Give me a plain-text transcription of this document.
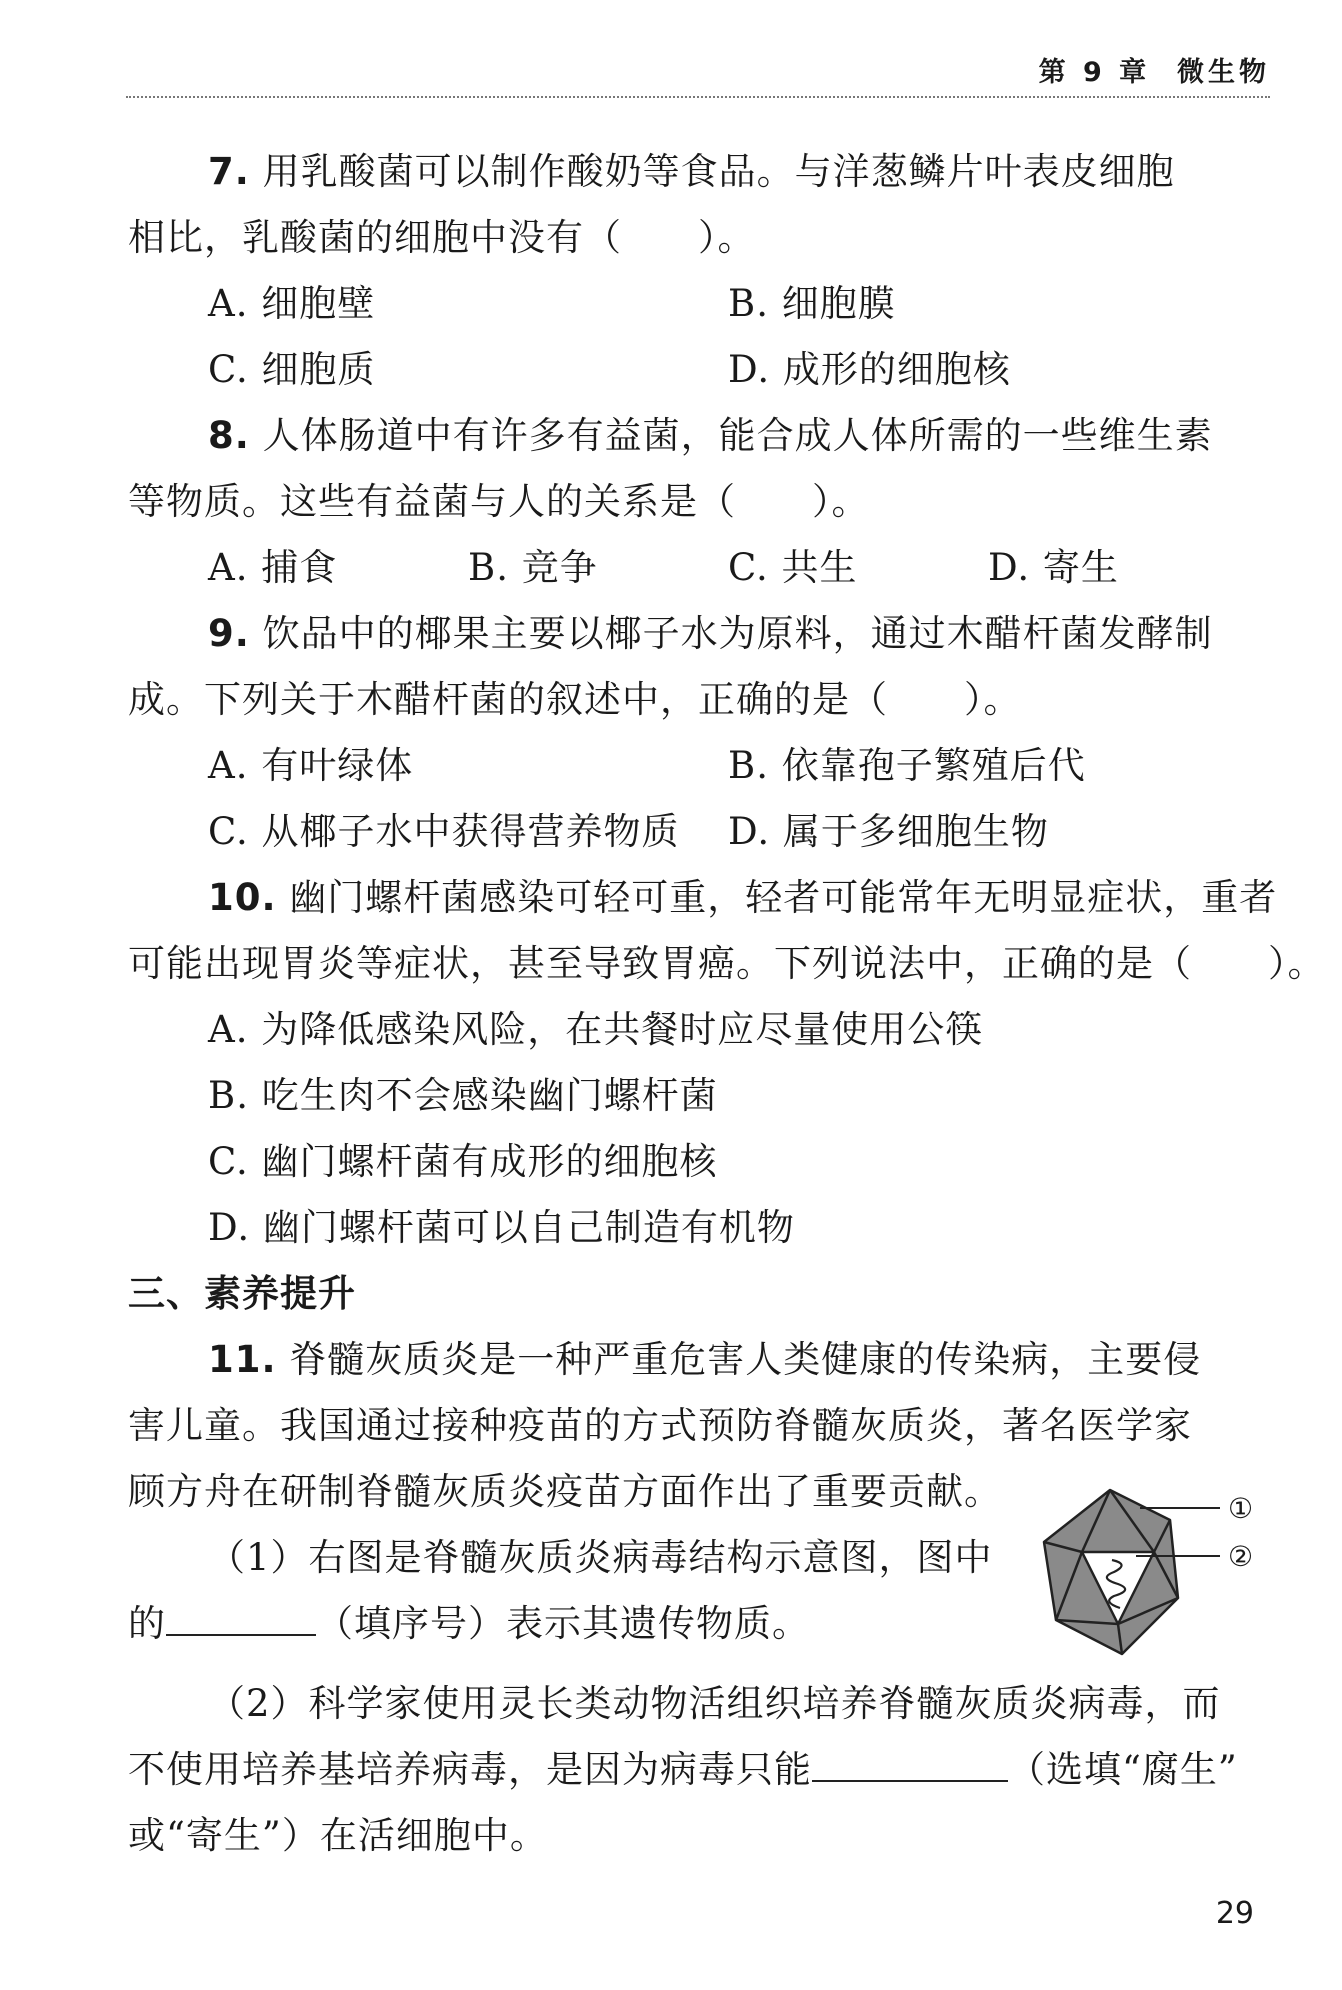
第 9 章 微生物
7. 用乳酸菌可以制作酸奶等食品。与洋葱鳞片叶表皮细胞
相比，乳酸菌的细胞中没有（　　）。
A. 细胞壁	B. 细胞膜
C. 细胞质	D. 成形的细胞核
8. 人体肠道中有许多有益菌，能合成人体所需的一些维生素
等物质。这些有益菌与人的关系是（　　）。
A. 捕食	B. 竞争	C. 共生	D. 寄生
9. 饮品中的椰果主要以椰子水为原料，通过木醋杆菌发酵制
成。下列关于木醋杆菌的叙述中，正确的是（　　）。
A. 有叶绿体	B. 依靠孢子繁殖后代
C. 从椰子水中获得营养物质 D. 属于多细胞生物
10. 幽门螺杆菌感染可轻可重，轻者可能常年无明显症状，重者
可能出现胃炎等症状，甚至导致胃癌。下列说法中，正确的是（　　）。
A. 为降低感染风险，在共餐时应尽量使用公筷
B. 吃生肉不会感染幽门螺杆菌
C. 幽门螺杆菌有成形的细胞核
D. 幽门螺杆菌可以自己制造有机物
三、素养提升
11. 脊髓灰质炎是一种严重危害人类健康的传染病，主要侵
害儿童。我国通过接种疫苗的方式预防脊髓灰质炎，著名医学家
顾方舟在研制脊髓灰质炎疫苗方面作出了重要贡献。
（1）右图是脊髓灰质炎病毒结构示意图，图中
的	（填序号）表示其遗传物质。
（2）科学家使用灵长类动物活组织培养脊髓灰质炎病毒，而
不使用培养基培养病毒，是因为病毒只能	（选填“腐生”
或“寄生”）在活细胞中。
①
②
29
